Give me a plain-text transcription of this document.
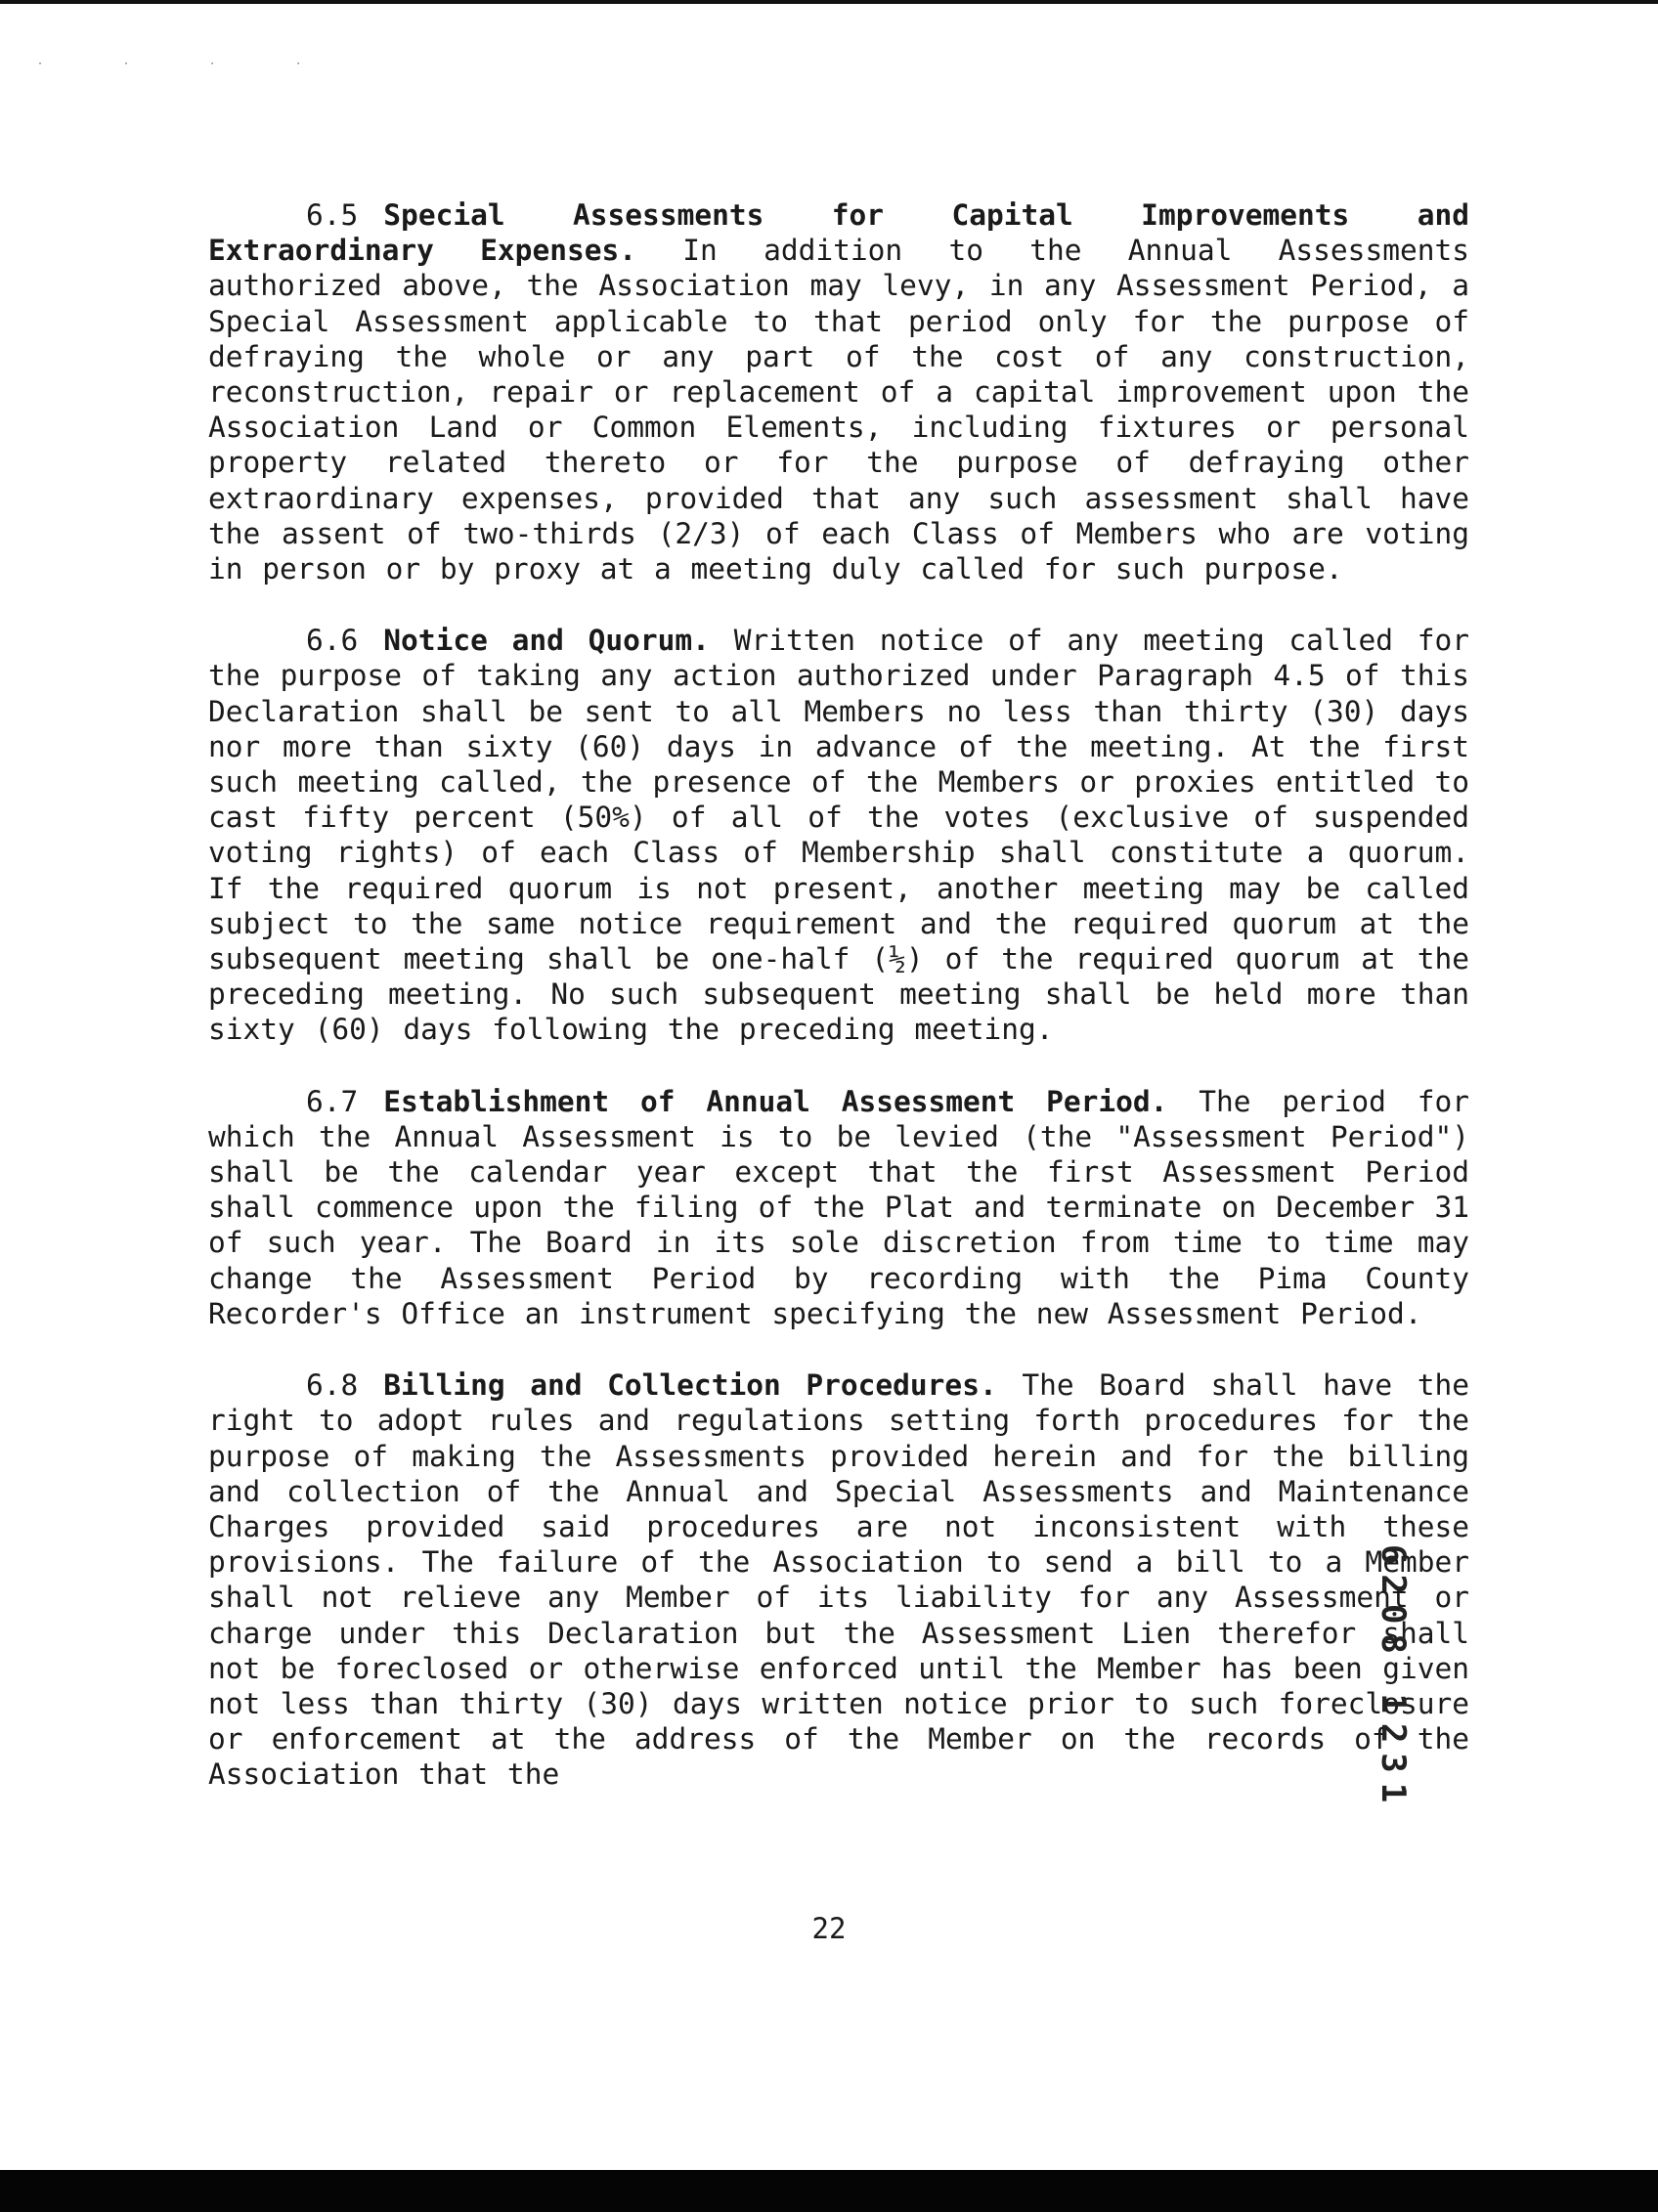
· · · ·

6.5 Special Assessments for Capital Improvements and Extraordinary Expenses. In addition to the Annual Assessments authorized above, the Association may levy, in any Assessment Period, a Special Assessment applicable to that period only for the purpose of defraying the whole or any part of the cost of any construction, reconstruction, repair or replacement of a capital improvement upon the Association Land or Common Elements, including fixtures or personal property related thereto or for the purpose of defraying other extraordinary expenses, provided that any such assessment shall have the assent of two-thirds (2/3) of each Class of Members who are voting in person or by proxy at a meeting duly called for such purpose.

6.6 Notice and Quorum. Written notice of any meeting called for the purpose of taking any action authorized under Paragraph 4.5 of this Declaration shall be sent to all Members no less than thirty (30) days nor more than sixty (60) days in advance of the meeting. At the first such meeting called, the presence of the Members or proxies entitled to cast fifty percent (50%) of all of the votes (exclusive of suspended voting rights) of each Class of Membership shall constitute a quorum. If the required quorum is not present, another meeting may be called subject to the same notice requirement and the required quorum at the subsequent meeting shall be one-half (½) of the required quorum at the preceding meeting. No such subsequent meeting shall be held more than sixty (60) days following the preceding meeting.

6.7 Establishment of Annual Assessment Period. The period for which the Annual Assessment is to be levied (the "Assessment Period") shall be the calendar year except that the first Assessment Period shall commence upon the filing of the Plat and terminate on December 31 of such year. The Board in its sole discretion from time to time may change the Assessment Period by recording with the Pima County Recorder's Office an instrument specifying the new Assessment Period.

6.8 Billing and Collection Procedures. The Board shall have the right to adopt rules and regulations setting forth procedures for the purpose of making the Assessments provided herein and for the billing and collection of the Annual and Special Assessments and Maintenance Charges provided said procedures are not inconsistent with these provisions. The failure of the Association to send a bill to a Member shall not relieve any Member of its liability for any Assessment or charge under this Declaration but the Assessment Lien therefor shall not be foreclosed or otherwise enforced until the Member has been given not less than thirty (30) days written notice prior to such foreclosure or enforcement at the address of the Member on the records of the Association that the

22
6208 1231
